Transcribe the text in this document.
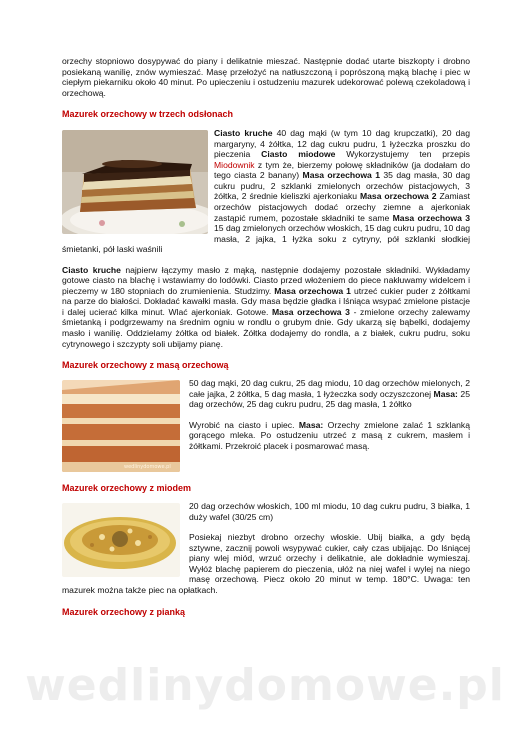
orzechy stopniowo dosypywać do piany i delikatnie mieszać. Następnie dodać utarte biszkopty i drobno posiekaną wanilię, znów wymieszać. Masę przełożyć na natłuszczoną i poprószoną mąką blachę i piec w ciepłym piekarniku około 40 minut. Po upieczeniu i ostudzeniu mazurek udekorować polewą czekoladową i orzechową.

Mazurek orzechowy w trzech odsłonach

Ciasto kruche 40 dag mąki (w tym 10 dag krupczatki), 20 dag margaryny, 4 żółtka, 12 dag cukru pudru, 1 łyżeczka proszku do pieczenia Ciasto miodowe Wykorzystujemy ten przepis Miodownik z tym że, bierzemy połowę składników (ja dodałam do tego ciasta 2 banany) Masa orzechowa 1 35 dag masła, 30 dag cukru pudru, 2 szklanki zmielonych orzechów pistacjowych, 3 żółtka, 2 średnie kieliszki ajerkoniaku Masa orzechowa 2 Zamiast orzechów pistacjowych dodać orzechy ziemne a ajerkoniak zastąpić rumem, pozostałe składniki te same Masa orzechowa 3 15 dag zmielonych orzechów włoskich, 15 dag cukru pudru, 10 dag masła, 2 jajka, 1 łyżka soku z cytryny, pół szklanki słodkiej śmietanki, pół laski waśnili

Ciasto kruche najpierw łączymy masło z mąką, następnie dodajemy pozostałe składniki. Wykładamy gotowe ciasto na blachę i wstawiamy do lodówki. Ciasto przed włożeniem do piece nakłuwamy widelcem i pieczemy w 180 stopniach do zrumienienia. Studzimy. Masa orzechowa 1 utrzeć cukier puder z żółtkami na parze do białości. Dokładać kawałki masła. Gdy masa będzie gładka i lśniąca wsypać zmielone pistacje i dalej ucierać kilka minut. Wlać ajerkoniak. Gotowe. Masa orzechowa 3 - zmielone orzechy zalewamy śmietanką i podgrzewamy na średnim ogniu w rondlu o grubym dnie. Gdy ukarzą się bąbelki, dodajemy masło i wanilię. Oddzielamy żółtka od białek. Żółtka dodajemy do rondla, a z białek, cukru pudru, soku cytrynowego i szczypty soli ubijamy pianę.

Mazurek orzechowy z masą orzechową
wedlinydomowe.pl

50 dag mąki, 20 dag cukru, 25 dag miodu, 10 dag orzechów mielonych, 2 całe jajka, 2 żółtka, 5 dag masła, 1 łyżeczka sody oczyszczonej Masa: 25 dag orzechów, 25 dag cukru pudru, 25 dag masła, 1 żółtko

Wyrobić na ciasto i upiec. Masa: Orzechy zmielone zalać 1 szklanką gorącego mleka. Po ostudzeniu utrzeć z masą z cukrem, masłem i żółtkami. Przekroić placek i posmarować masą.

Mazurek orzechowy z miodem

20 dag orzechów włoskich, 100 ml miodu, 10 dag cukru pudru, 3 białka, 1 duży wafel (30/25 cm)

Posiekaj niezbyt drobno orzechy włoskie. Ubij białka, a gdy będą sztywne, zacznij powoli wsypywać cukier, cały czas ubijając. Do lśniącej piany wlej miód, wrzuć orzechy i delikatnie, ale dokładnie wymieszaj. Wyłóż blachę papierem do pieczenia, ułóż na niej wafel i wylej na niego masę orzechową. Piecz około 20 minut w temp. 180°C. Uwaga: ten mazurek można także piec na opłatkach.

Mazurek orzechowy z pianką
wedlinydomowe.pl
